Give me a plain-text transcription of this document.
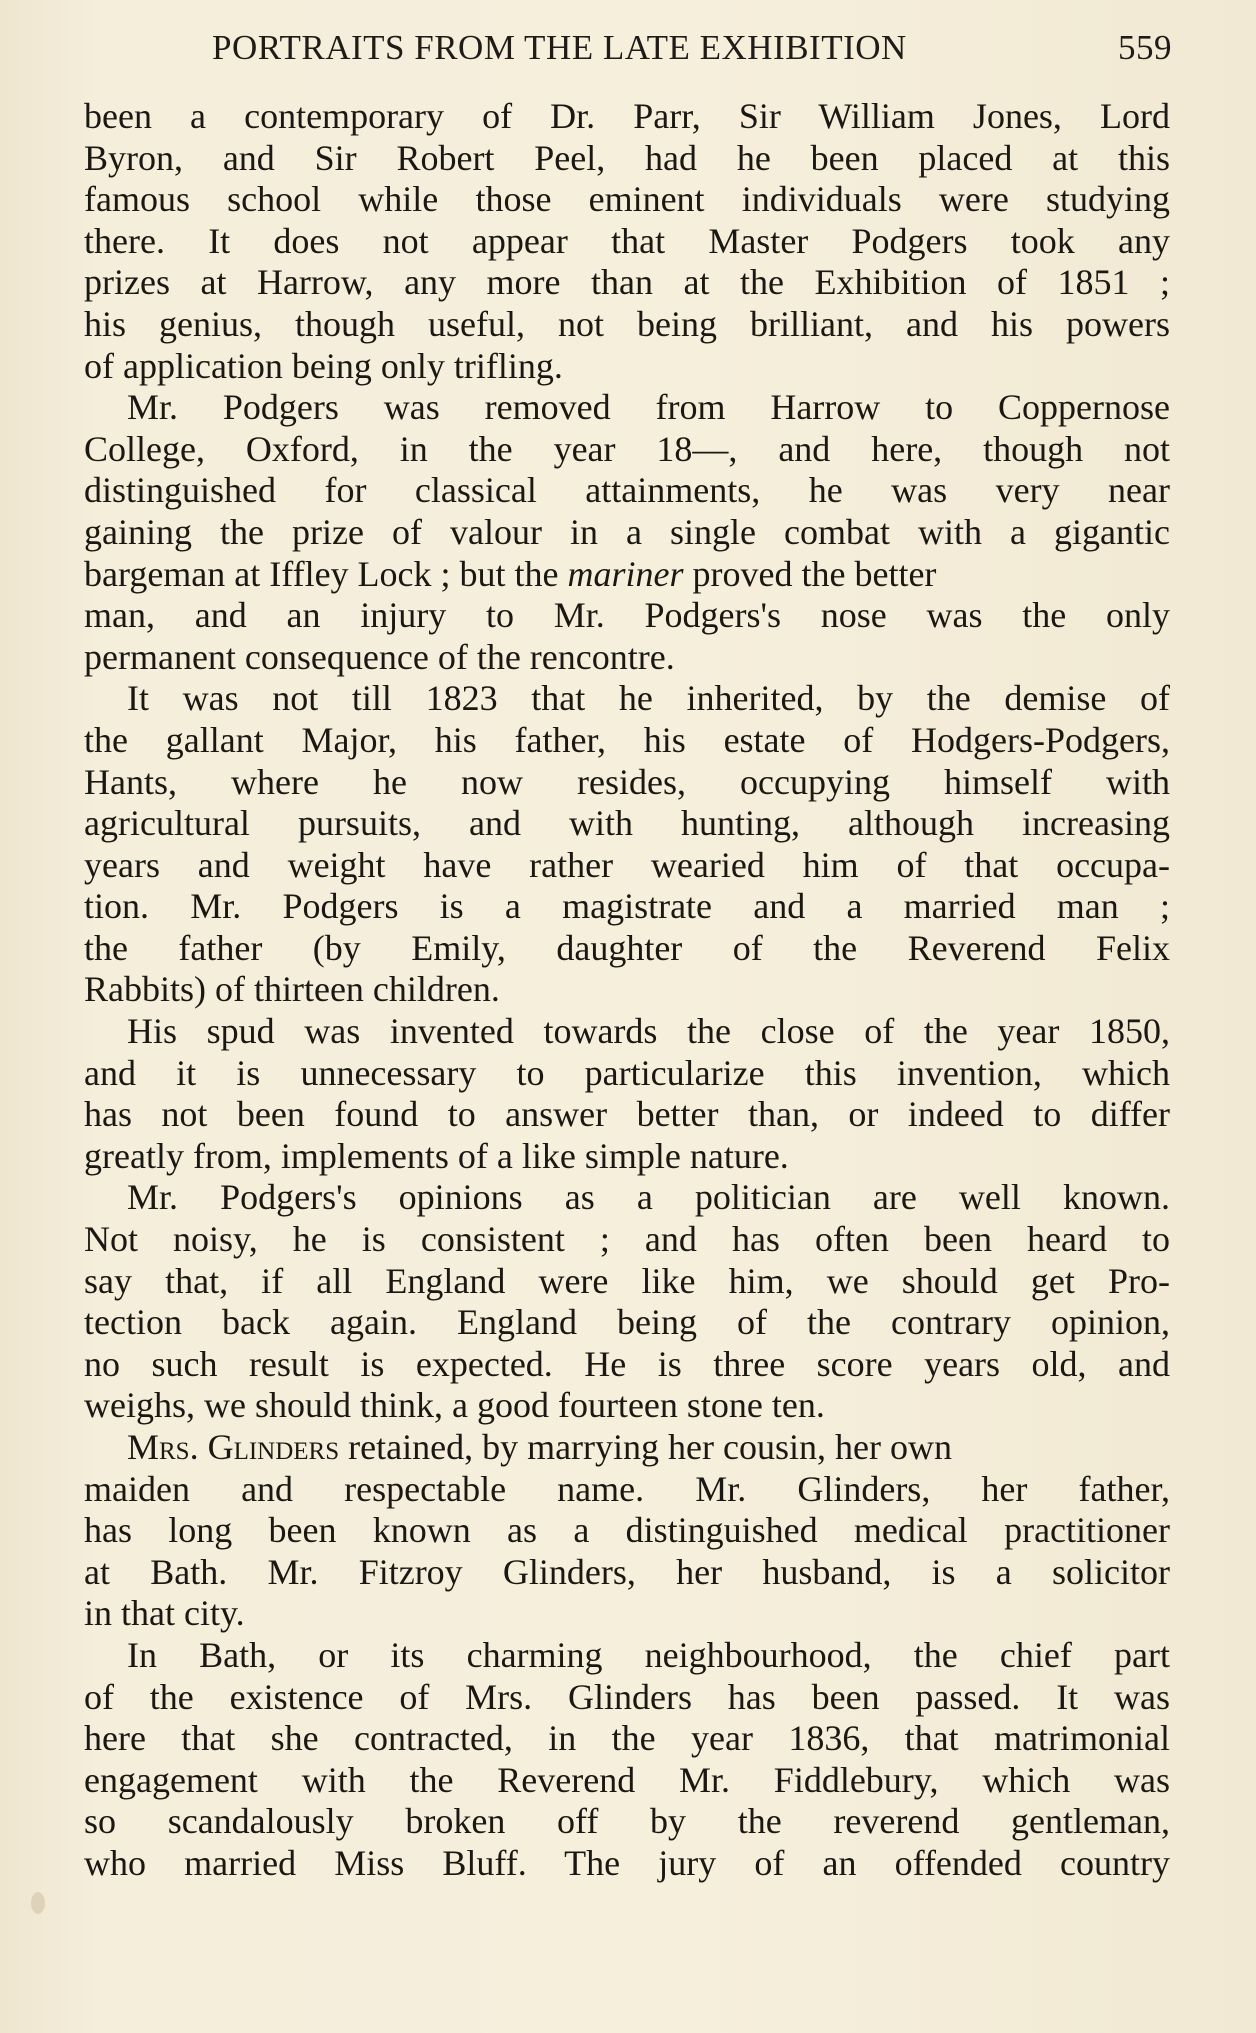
PORTRAITS FROM THE LATE EXHIBITION	559
been a contemporary of Dr. Parr, Sir William Jones, Lord
Byron, and Sir Robert Peel, had he been placed at this
famous school while those eminent individuals were studying
there. It does not appear that Master Podgers took any
prizes at Harrow, any more than at the Exhibition of 1851 ;
his genius, though useful, not being brilliant, and his powers
of application being only trifling.
Mr. Podgers was removed from Harrow to Coppernose
College, Oxford, in the year 18—, and here, though not
distinguished for classical attainments, he was very near
gaining the prize of valour in a single combat with a gigantic
bargeman at Iffley Lock ; but the mariner proved the better
man, and an injury to Mr. Podgers's nose was the only
permanent consequence of the rencontre.
It was not till 1823 that he inherited, by the demise of
the gallant Major, his father, his estate of Hodgers-Podgers,
Hants, where he now resides, occupying himself with
agricultural pursuits, and with hunting, although increasing
years and weight have rather wearied him of that occupa-
tion. Mr. Podgers is a magistrate and a married man ;
the father (by Emily, daughter of the Reverend Felix
Rabbits) of thirteen children.
His spud was invented towards the close of the year 1850,
and it is unnecessary to particularize this invention, which
has not been found to answer better than, or indeed to differ
greatly from, implements of a like simple nature.
Mr. Podgers's opinions as a politician are well known.
Not noisy, he is consistent ; and has often been heard to
say that, if all England were like him, we should get Pro-
tection back again. England being of the contrary opinion,
no such result is expected. He is three score years old, and
weighs, we should think, a good fourteen stone ten.
Mrs. Glinders retained, by marrying her cousin, her own
maiden and respectable name. Mr. Glinders, her father,
has long been known as a distinguished medical practitioner
at Bath. Mr. Fitzroy Glinders, her husband, is a solicitor
in that city.
In Bath, or its charming neighbourhood, the chief part
of the existence of Mrs. Glinders has been passed. It was
here that she contracted, in the year 1836, that matrimonial
engagement with the Reverend Mr. Fiddlebury, which was
so scandalously broken off by the reverend gentleman,
who married Miss Bluff. The jury of an offended country
